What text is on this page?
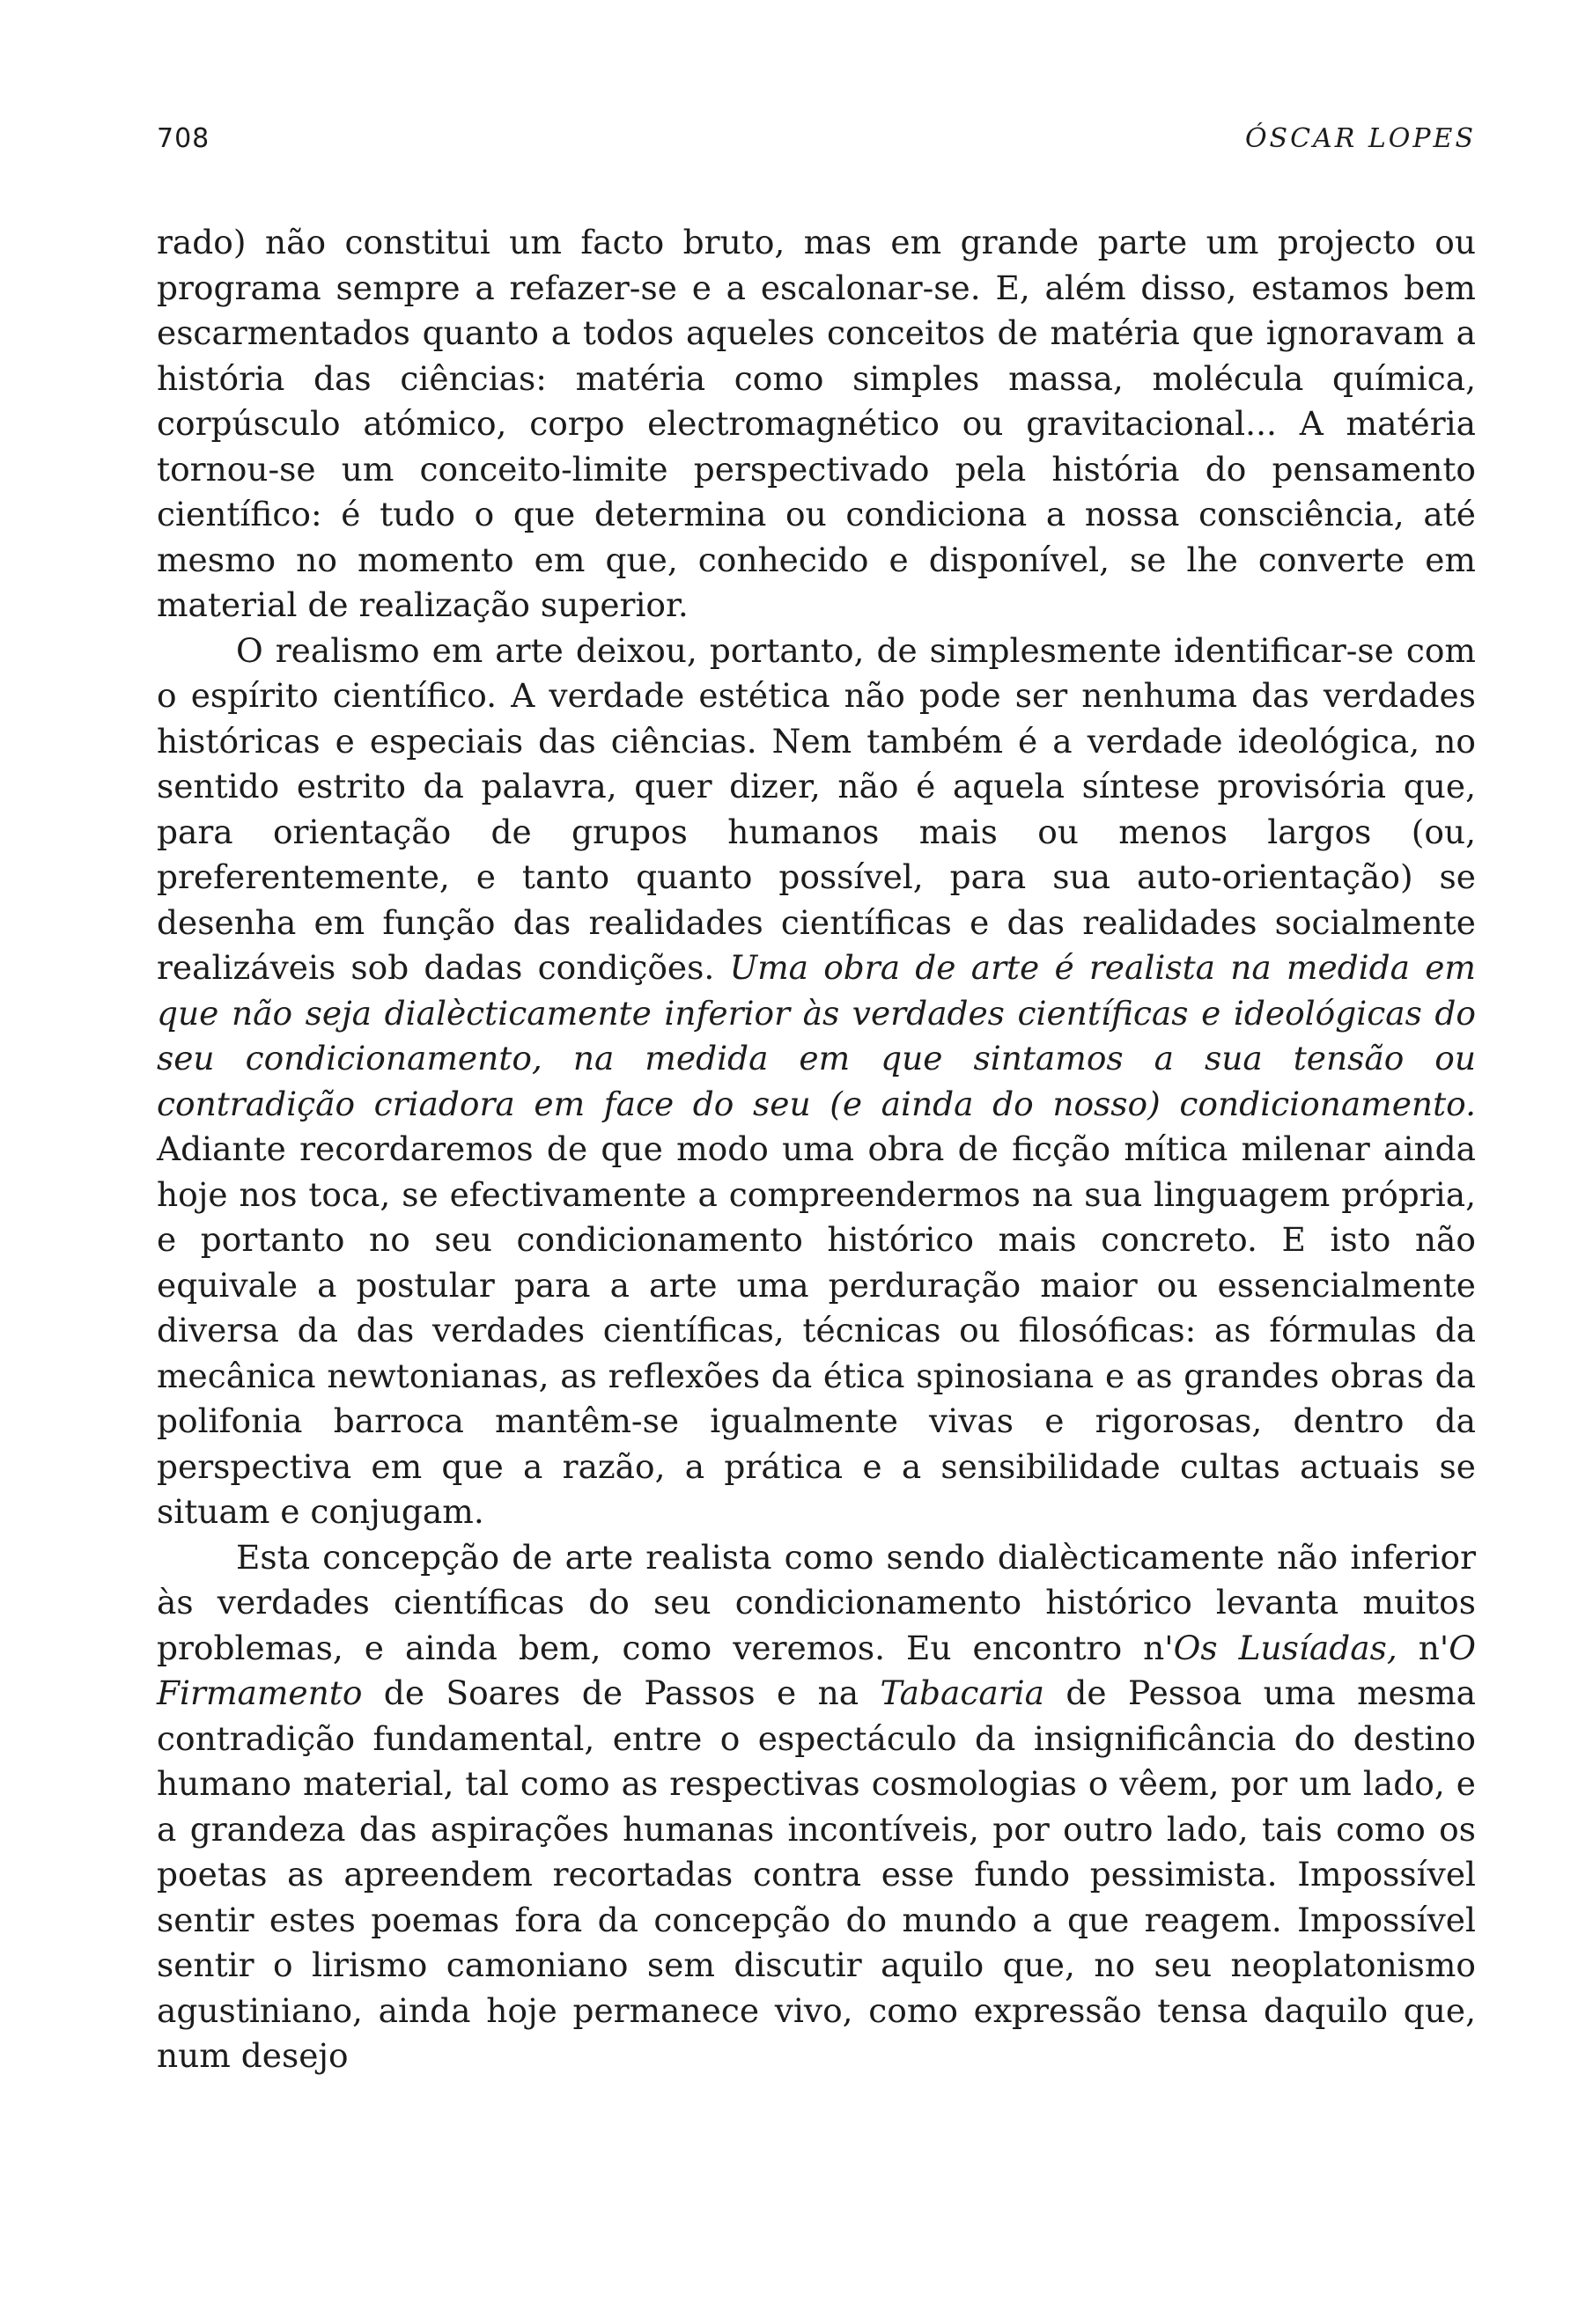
708	ÓSCAR LOPES

rado) não constitui um facto bruto, mas em grande parte um projecto ou programa sempre a refazer-se e a escalonar-se. E, além disso, estamos bem escarmentados quanto a todos aqueles conceitos de matéria que ignoravam a história das ciências: matéria como simples massa, molécula química, corpúsculo atómico, corpo electromagnético ou gravitacional... A matéria tornou-se um conceito-limite perspectivado pela história do pensamento científico: é tudo o que determina ou condiciona a nossa consciência, até mesmo no momento em que, conhecido e disponível, se lhe converte em material de realização superior.

O realismo em arte deixou, portanto, de simplesmente identificar-se com o espírito científico. A verdade estética não pode ser nenhuma das verdades históricas e especiais das ciências. Nem também é a verdade ideológica, no sentido estrito da palavra, quer dizer, não é aquela síntese provisória que, para orientação de grupos humanos mais ou menos largos (ou, preferentemente, e tanto quanto possível, para sua auto-orientação) se desenha em função das realidades científicas e das realidades socialmente realizáveis sob dadas condições. Uma obra de arte é realista na medida em que não seja dialècticamente inferior às verdades científicas e ideológicas do seu condicionamento, na medida em que sintamos a sua tensão ou contradição criadora em face do seu (e ainda do nosso) condicionamento. Adiante recordaremos de que modo uma obra de ficção mítica milenar ainda hoje nos toca, se efectivamente a compreendermos na sua linguagem própria, e portanto no seu condicionamento histórico mais concreto. E isto não equivale a postular para a arte uma perduração maior ou essencialmente diversa da das verdades científicas, técnicas ou filosóficas: as fórmulas da mecânica newtonianas, as reflexões da ética spinosiana e as grandes obras da polifonia barroca mantêm-se igualmente vivas e rigorosas, dentro da perspectiva em que a razão, a prática e a sensibilidade cultas actuais se situam e conjugam.

Esta concepção de arte realista como sendo dialècticamente não inferior às verdades científicas do seu condicionamento histórico levanta muitos problemas, e ainda bem, como veremos. Eu encontro n'Os Lusíadas, n'O Firmamento de Soares de Passos e na Tabacaria de Pessoa uma mesma contradição fundamental, entre o espectáculo da insignificância do destino humano material, tal como as respectivas cosmologias o vêem, por um lado, e a grandeza das aspirações humanas incontíveis, por outro lado, tais como os poetas as apreendem recortadas contra esse fundo pessimista. Impossível sentir estes poemas fora da concepção do mundo a que reagem. Impossível sentir o lirismo camoniano sem discutir aquilo que, no seu neoplatonismo agustiniano, ainda hoje permanece vivo, como expressão tensa daquilo que, num desejo
